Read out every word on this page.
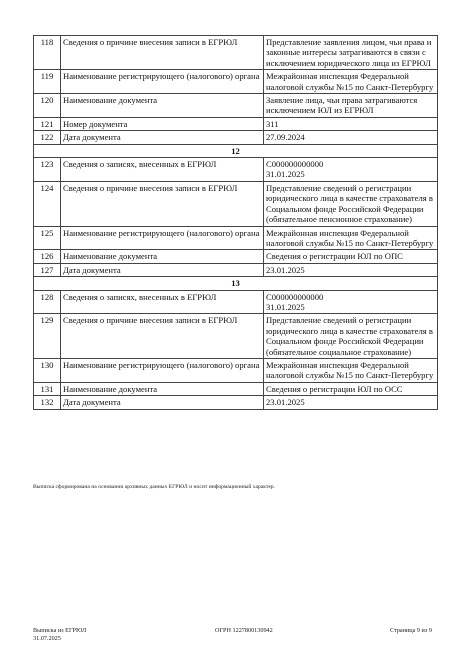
118	Сведения о причине внесения записи в ЕГРЮЛ	Представление заявления лицом, чьи права и законные интересы затрагиваются в связи с исключением юридического лица из ЕГРЮЛ
119	Наименование регистрирующего (налогового) органа	Межрайонная инспекция Федеральной налоговой службы №15 по Санкт-Петербургу
120	Наименование документа	Заявление лица, чьи права затрагиваются исключением ЮЛ из ЕГРЮЛ
121	Номер документа	311
122	Дата документа	27.09.2024
12		
123	Сведения о записях, внесенных в ЕГРЮЛ	С000000000000
31.01.2025
124	Сведения о причине внесения записи в ЕГРЮЛ	Представление сведений о регистрации юридического лица в качестве страхователя в Социальном фонде Российской Федерации (обязательное пенсионное страхование)
125	Наименование регистрирующего (налогового) органа	Межрайонная инспекция Федеральной налоговой службы №15 по Санкт-Петербургу
126	Наименование документа	Сведения о регистрации ЮЛ по ОПС
127	Дата документа	23.01.2025
13		
128	Сведения о записях, внесенных в ЕГРЮЛ	С000000000000
31.01.2025
129	Сведения о причине внесения записи в ЕГРЮЛ	Представление сведений о регистрации юридического лица в качестве страхователя в Социальном фонде Российской Федерации (обязательное социальное страхование)
130	Наименование регистрирующего (налогового) органа	Межрайонная инспекция Федеральной налоговой службы №15 по Санкт-Петербургу
131	Наименование документа	Сведения о регистрации ЮЛ по ОСС
132	Дата документа	23.01.2025
Выписка сформирована на основании архивных данных ЕГРЮЛ и носит информационный характер.
Выписка из ЕГРЮЛ
31.07.2025
ОГРН 1227800130942	Страница 9 из 9
